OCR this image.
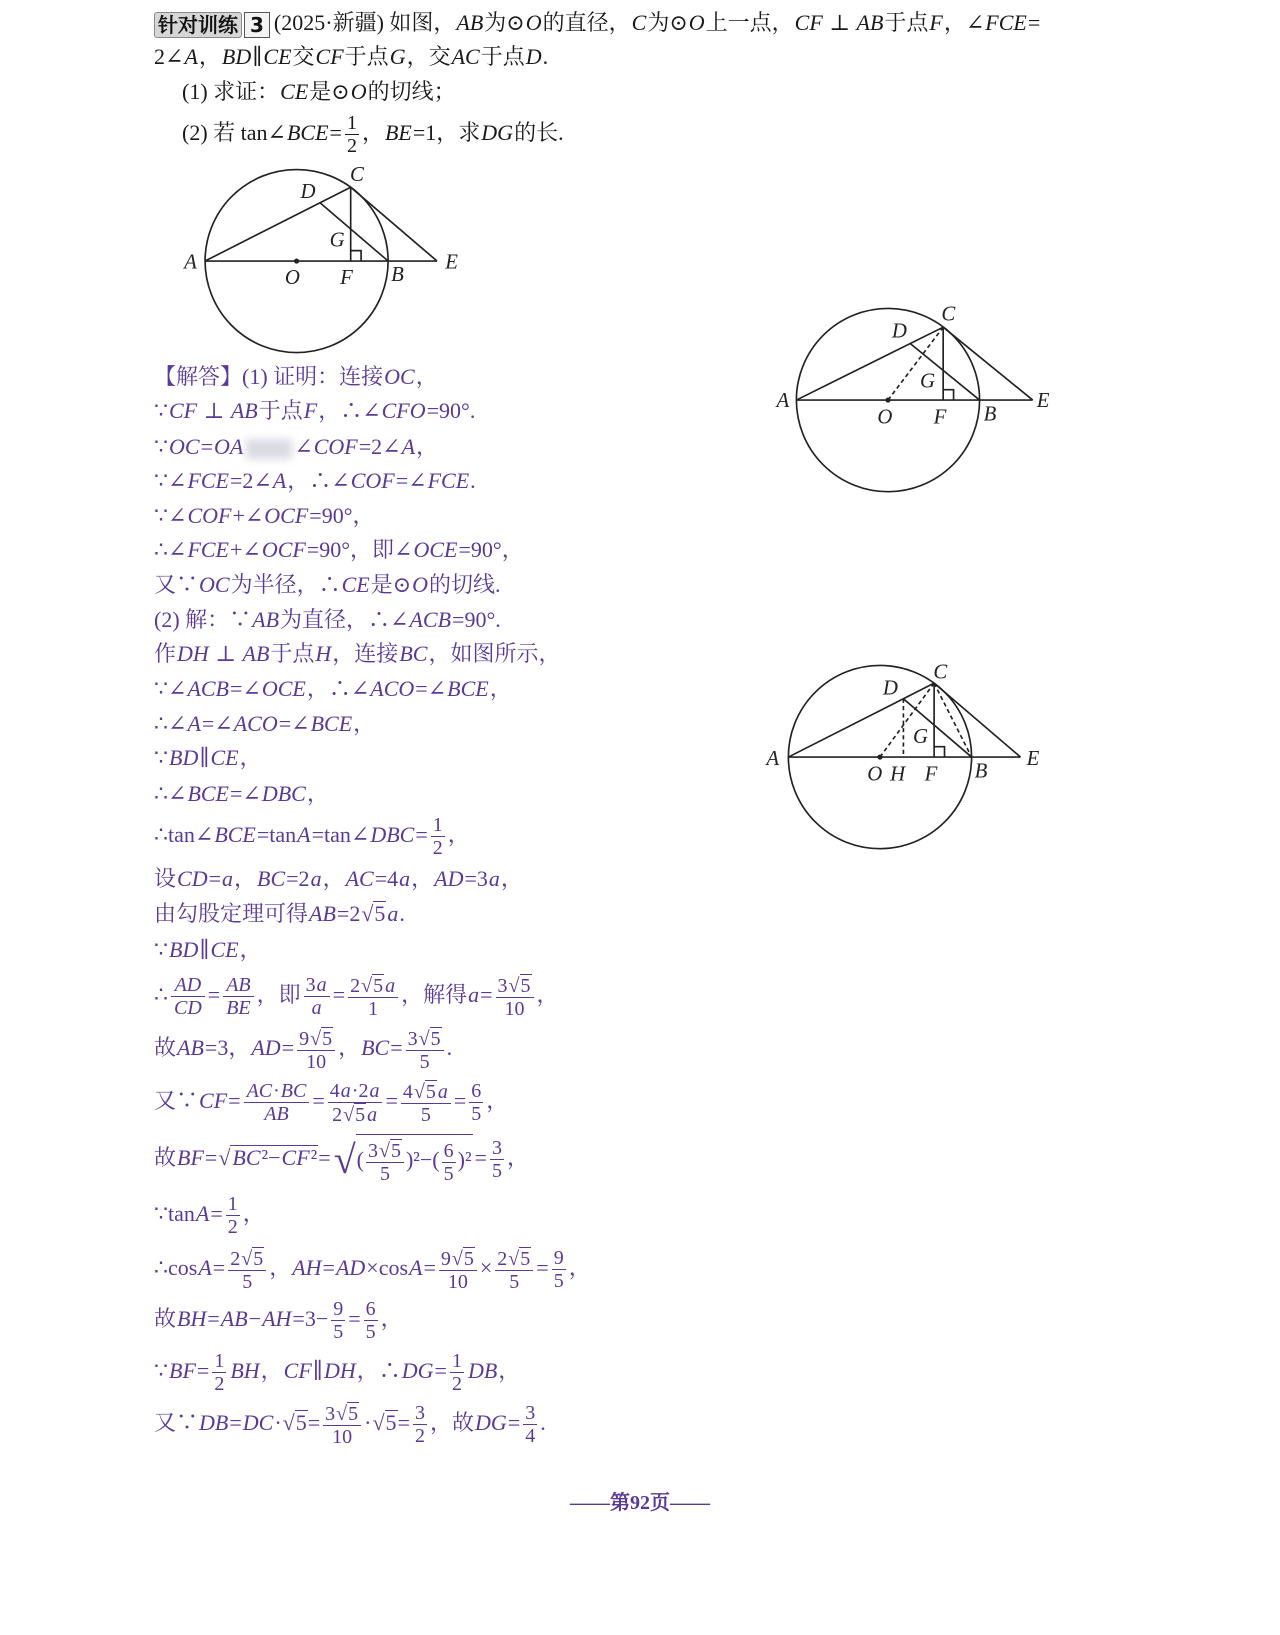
针对训练 3 (2025·新疆) 如图，AB为⊙O的直径，C为⊙O上一点，CF ⊥ AB于点F，∠FCE=
2∠A，BD∥CE交CF于点G，交AC于点D.
(1) 求证：CE是⊙O的切线；
(2) 若 tan∠BCE= $\frac{1}{2}$ ，BE=1，求DG的长.
A
O F B
E
G
D
C
A
O F B
E
G
D
C
A
O H F B
E
G
D
C
【解答】(1) 证明：连接OC，
∵CF ⊥ AB于点F，∴∠CFO=90°.
∵OC=OA ∠COF=2∠A，
∵∠FCE=2∠A，∴∠COF=∠FCE.
∵∠COF+∠OCF=90°，
∴∠FCE+∠OCF=90°，即∠OCE=90°，
又∵OC为半径，∴CE是⊙O的切线.
(2) 解：∵AB为直径，∴∠ACB=90°.
作DH ⊥ AB于点H，连接BC，如图所示，
∵∠ACB=∠OCE，∴∠ACO=∠BCE，
∴∠A=∠ACO=∠BCE，
∵BD∥CE，
∴∠BCE=∠DBC，
∴tan∠BCE=tanA=tan∠DBC= $\frac{1}{2}$ ，
设CD=a，BC=2a，AC=4a，AD=3a，
由勾股定理可得AB=2√5a.
∵BD∥CE，
∴ $\frac{AD}{CD} = \frac{AB}{BE}$ ，即 $\frac{3a}{a} = \frac{2√5 a}{1}$ ，解得$a= \frac{3√5}{10}$ ，
故AB=3，$AD= \frac{9√5}{10}$ ，$BC= \frac{3√5}{5}$ .
又∵CF= $\frac{AC\cdot BC}{AB} = \frac{4a\cdot 2a}{2√5 a} = \frac{4√5 a}{5} = \frac{6}{5}$ ，
故$BF=√BC^2-CF^2=√( \frac{3√5}{5} )^2-( \frac{6}{5} )^2 = \frac{3}{5}$ ，
∵tanA= $\frac{1}{2}$ ，
∴cosA= $\frac{2√5}{5}$ ，$AH=AD\times\cos A= \frac{9√5}{10} \times \frac{2√5}{5} = \frac{9}{5}$ ，
故$BH=AB-AH=3- \frac{9}{5} = \frac{6}{5}$ ，
∵BF= $\frac{1}{2}$ BH，CF∥DH，∴DG= $\frac{1}{2}$ DB，
又∵DB=DC·√5= $\frac{3√5}{10} \cdot√5= \frac{3}{2}$ ，故$DG= \frac{3}{4}$ .
——第92页——
